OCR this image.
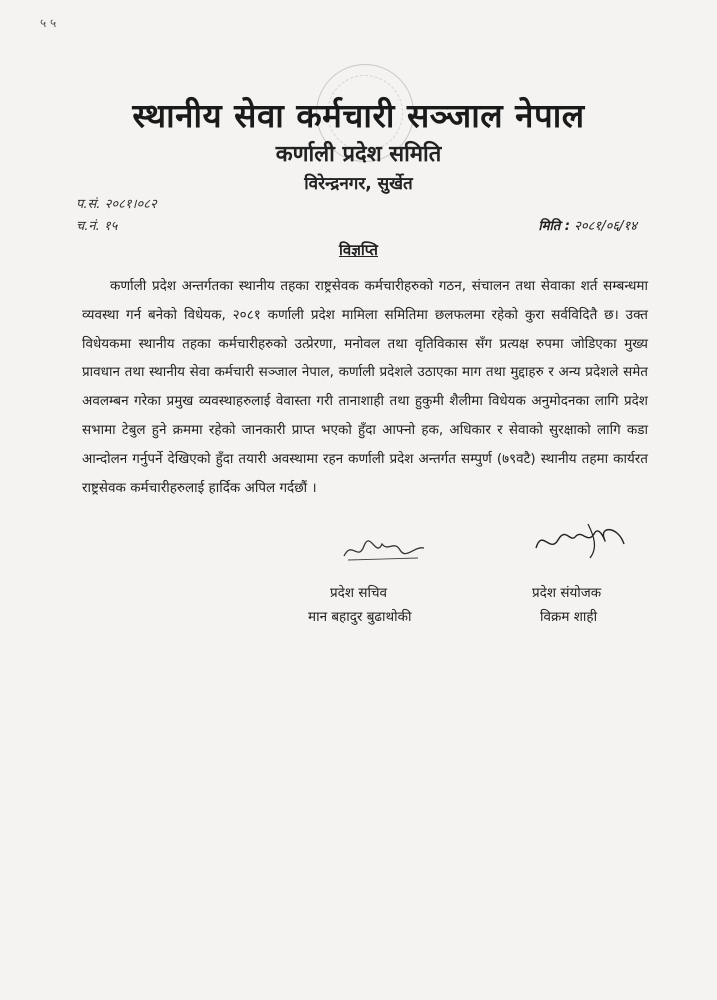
५ ५
स्थानीय सेवा कर्मचारी सञ्जाल नेपाल
कर्णाली प्रदेश समिति
विरेन्द्रनगर, सुर्खेत
प.सं. २०८१।०८२
च.नं. १५	मिति : २०८१/०६/१४
विज्ञप्ति
कर्णाली प्रदेश अन्तर्गतका स्थानीय तहका राष्ट्रसेवक कर्मचारीहरुको गठन, संचालन तथा सेवाका शर्त सम्बन्धमा व्यवस्था गर्न बनेको विधेयक, २०८१ कर्णाली प्रदेश मामिला समितिमा छलफलमा रहेको कुरा सर्वविदितै छ। उक्त विधेयकमा स्थानीय तहका कर्मचारीहरुको उत्प्रेरणा, मनोवल तथा वृतिविकास सँग प्रत्यक्ष रुपमा जोडिएका मुख्य प्रावधान तथा स्थानीय सेवा कर्मचारी सञ्जाल नेपाल, कर्णाली प्रदेशले उठाएका माग तथा मुद्दाहरु र अन्य प्रदेशले समेत अवलम्बन गरेका प्रमुख व्यवस्थाहरुलाई वेवास्ता गरी तानाशाही तथा हुकुमी शैलीमा विधेयक अनुमोदनका लागि प्रदेश सभामा टेबुल हुने क्रममा रहेको जानकारी प्राप्त भएको हुँदा आफ्नो हक, अधिकार र सेवाको सुरक्षाको लागि कडा आन्दोलन गर्नुपर्ने देखिएको हुँदा तयारी अवस्थामा रहन कर्णाली प्रदेश अन्तर्गत सम्पुर्ण (७९वटै) स्थानीय तहमा कार्यरत राष्ट्रसेवक कर्मचारीहरुलाई हार्दिक अपिल गर्दछौं ।
प्रदेश सचिव
मान बहादुर बुढाथोकी
प्रदेश संयोजक
विक्रम शाही
